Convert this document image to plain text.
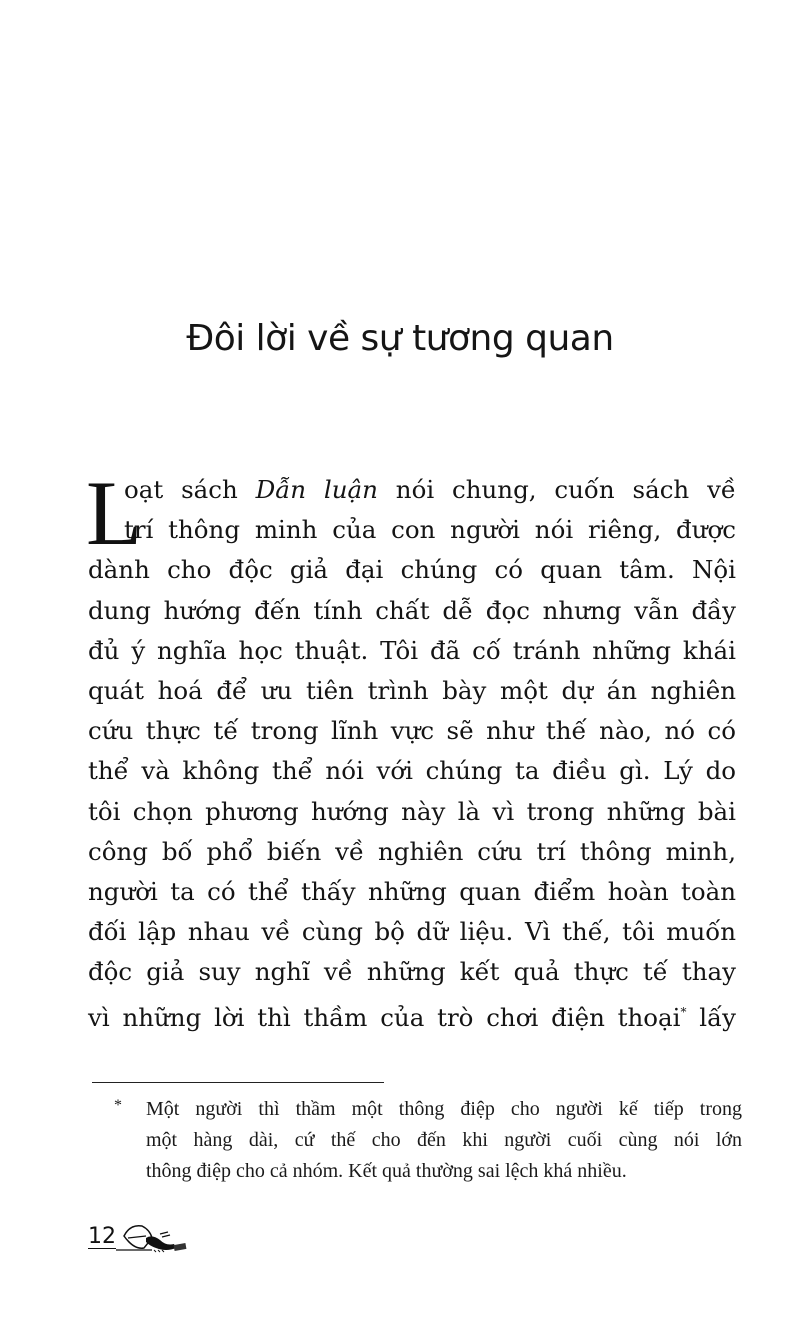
Đôi lời về sự tương quan
L
oạt sách Dẫn luận nói chung, cuốn sách về
trí thông minh của con người nói riêng, được
dành cho độc giả đại chúng có quan tâm. Nội
dung hướng đến tính chất dễ đọc nhưng vẫn đầy
đủ ý nghĩa học thuật. Tôi đã cố tránh những khái
quát hoá để ưu tiên trình bày một dự án nghiên
cứu thực tế trong lĩnh vực sẽ như thế nào, nó có
thể và không thể nói với chúng ta điều gì. Lý do
tôi chọn phương hướng này là vì trong những bài
công bố phổ biến về nghiên cứu trí thông minh,
người ta có thể thấy những quan điểm hoàn toàn
đối lập nhau về cùng bộ dữ liệu. Vì thế, tôi muốn
độc giả suy nghĩ về những kết quả thực tế thay
vì những lời thì thầm của trò chơi điện thoại* lấy
* Một người thì thầm một thông điệp cho người kế tiếp trong
một hàng dài, cứ thế cho đến khi người cuối cùng nói lớn
thông điệp cho cả nhóm. Kết quả thường sai lệch khá nhiều.
12
